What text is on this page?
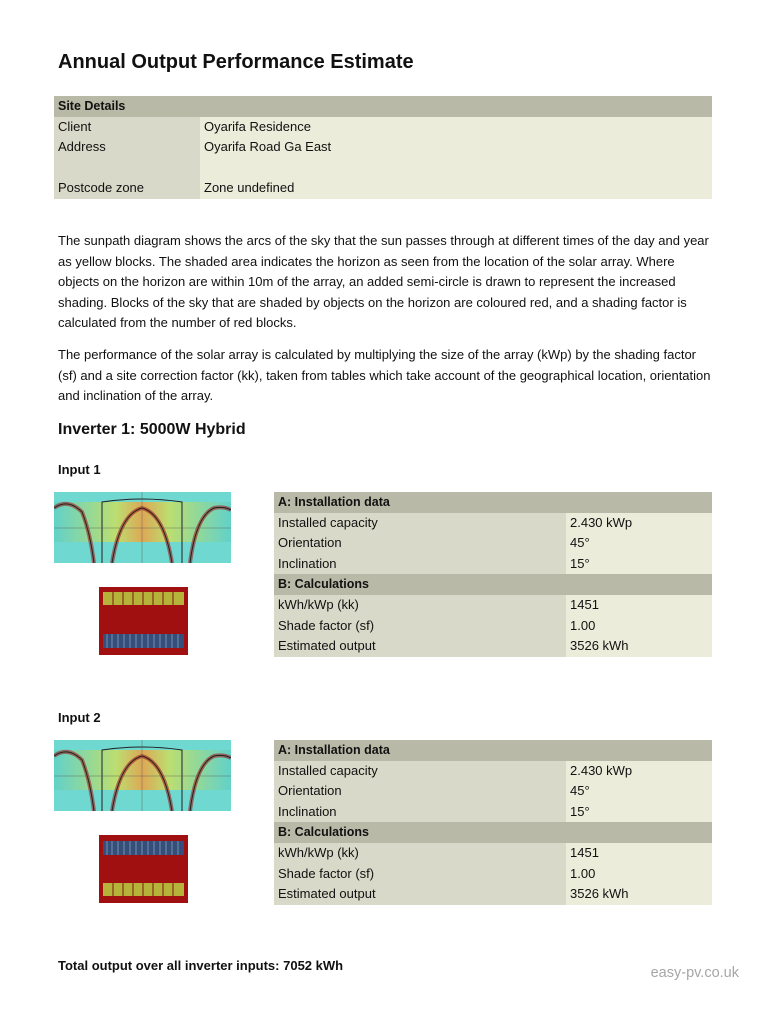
Annual Output Performance Estimate
Site Details	
Client	Oyarifa Residence
Address	Oyarifa Road Ga East

Postcode zone	Zone undefined

The sunpath diagram shows the arcs of the sky that the sun passes through at different times of the day and year as yellow blocks. The shaded area indicates the horizon as seen from the location of the solar array. Where objects on the horizon are within 10m of the array, an added semi-circle is drawn to represent the increased shading. Blocks of the sky that are shaded by objects on the horizon are coloured red, and a shading factor is calculated from the number of red blocks.

The performance of the solar array is calculated by multiplying the size of the array (kWp) by the shading factor (sf) and a site correction factor (kk), taken from tables which take account of the geographical location, orientation and inclination of the array.

Inverter 1: 5000W Hybrid

Input 1

A: Installation data	
Installed capacity	2.430 kWp
Orientation	45°
Inclination	15°
B: Calculations	
kWh/kWp (kk)	1451
Shade factor (sf)	1.00
Estimated output	3526 kWh

Input 2

A: Installation data	
Installed capacity	2.430 kWp
Orientation	45°
Inclination	15°
B: Calculations	
kWh/kWp (kk)	1451
Shade factor (sf)	1.00
Estimated output	3526 kWh

Total output over all inverter inputs: 7052 kWh	easy-pv.co.uk
